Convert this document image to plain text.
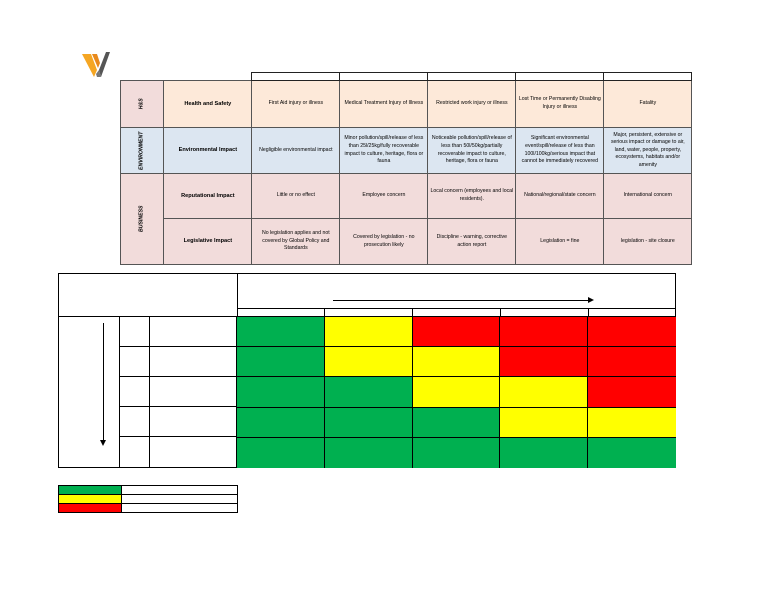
H&S	Health and Safety	First Aid injury or illness	Medical Treatment Injury of Illness	Restricted work injury or illness	Lost Time or Permanently Disabling Injury or illness	Fatality
ENVIRONMENT	Environmental Impact	Negligible environmental impact	Minor pollution/spill/release of less than 25l/25kg/fully recoverable impact to culture, heritage, flora or fauna	Noticeable pollution/spill/release of less than 50l/50kg/partially recoverable impact to culture, heritage, flora or fauna	Significant environmental event/spill/release of less than 100l/100kg/serious impact that cannot be immediately recovered	Major, persistent, extensive or serious impact or damage to air, land, water, people, property, ecosystems, habitats and/or amenity
BUSINESS	Reputational Impact	Little or no effect	Employee concern	Local concern (employees and local residents).	National/regional/state concern	International concern
	Legislative Impact	No legislation applies and not covered by Global Policy and Standards	Covered by legislation - no prosecution likely	Discipline - warning, corrective action report	Legislation = fine	legislation - site closure
